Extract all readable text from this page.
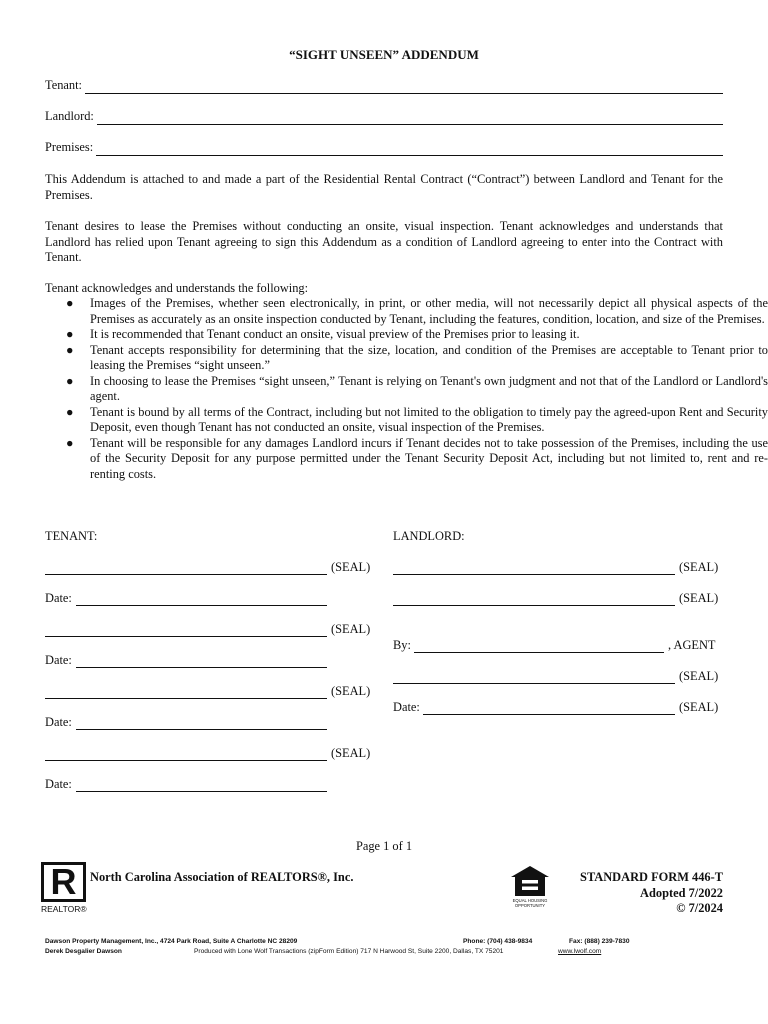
“SIGHT UNSEEN” ADDENDUM
Tenant:
Landlord:
Premises:
This Addendum is attached to and made a part of the Residential Rental Contract (“Contract”) between Landlord and Tenant for the Premises.
Tenant desires to lease the Premises without conducting an onsite, visual inspection. Tenant acknowledges and understands that Landlord has relied upon Tenant agreeing to sign this Addendum as a condition of Landlord agreeing to enter into the Contract with Tenant.
Tenant acknowledges and understands the following:
● Images of the Premises, whether seen electronically, in print, or other media, will not necessarily depict all physical aspects of the Premises as accurately as an onsite inspection conducted by Tenant, including the features, condition, location, and size of the Premises.
● It is recommended that Tenant conduct an onsite, visual preview of the Premises prior to leasing it.
● Tenant accepts responsibility for determining that the size, location, and condition of the Premises are acceptable to Tenant prior to leasing the Premises “sight unseen.”
● In choosing to lease the Premises “sight unseen,” Tenant is relying on Tenant's own judgment and not that of the Landlord or Landlord's agent.
● Tenant is bound by all terms of the Contract, including but not limited to the obligation to timely pay the agreed-upon Rent and Security Deposit, even though Tenant has not conducted an onsite, visual inspection of the Premises.
● Tenant will be responsible for any damages Landlord incurs if Tenant decides not to take possession of the Premises, including the use of the Security Deposit for any purpose permitted under the Tenant Security Deposit Act, including but not limited to, rent and re-renting costs.
TENANT:	LANDLORD:
(SEAL)
Date:
(SEAL)
Date:
(SEAL)
Date:
(SEAL)
Date:
(SEAL)
(SEAL)
By:	, AGENT
(SEAL)
Date:	(SEAL)
Page 1 of 1
R
REALTOR®
North Carolina Association of REALTORS®, Inc.
EQUAL HOUSING OPPORTUNITY
STANDARD FORM 446-T
Adopted 7/2022
© 7/2024
Dawson Property Management, Inc., 4724 Park Road, Suite A Charlotte NC 28209	Phone: (704) 438-9834	Fax: (888) 239-7830
Derek Desgalier Dawson	Produced with Lone Wolf Transactions (zipForm Edition) 717 N Harwood St, Suite 2200, Dallas, TX 75201	www.lwolf.com
